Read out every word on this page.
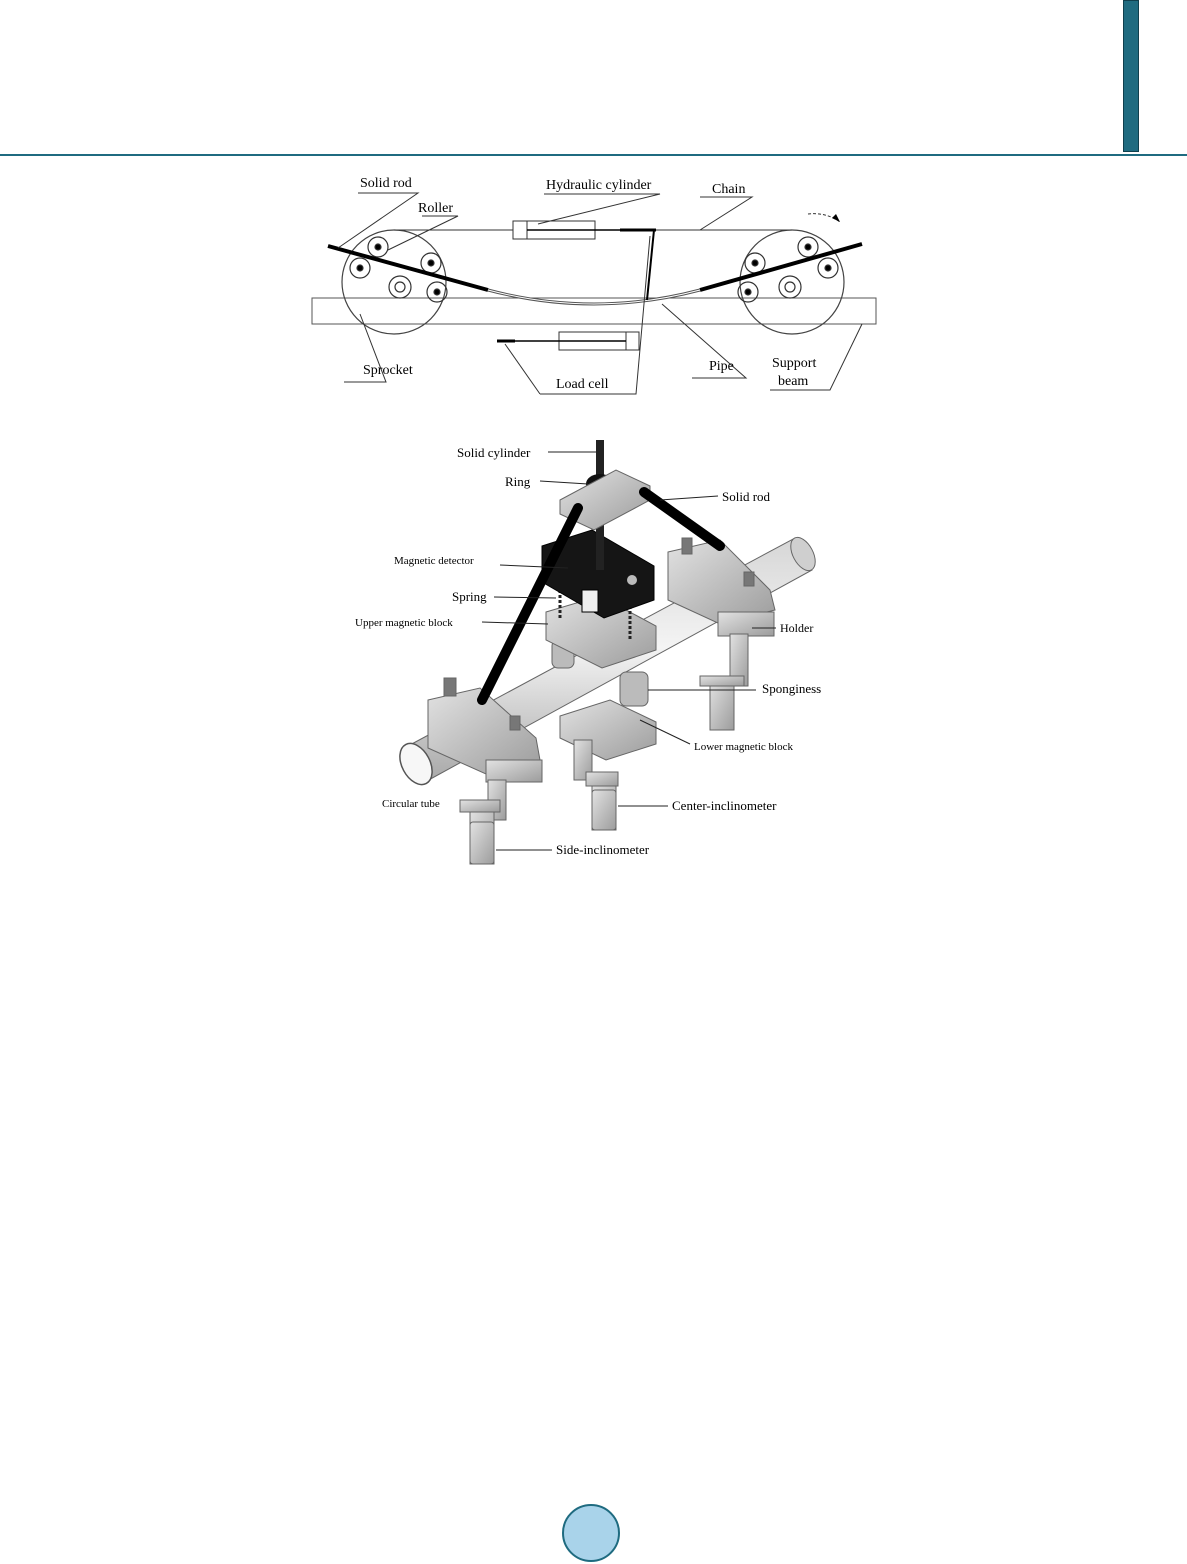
Solid rod
Roller
Hydraulic cylinder	Chain
Sprocket
Load cell
Pipe	Support
beam
Solid cylinder
Ring
Solid rod
Magnetic detector
Spring
Upper magnetic block	Holder
Sponginess
Lower magnetic block
Circular tube	Center-inclinometer
Side-inclinometer
